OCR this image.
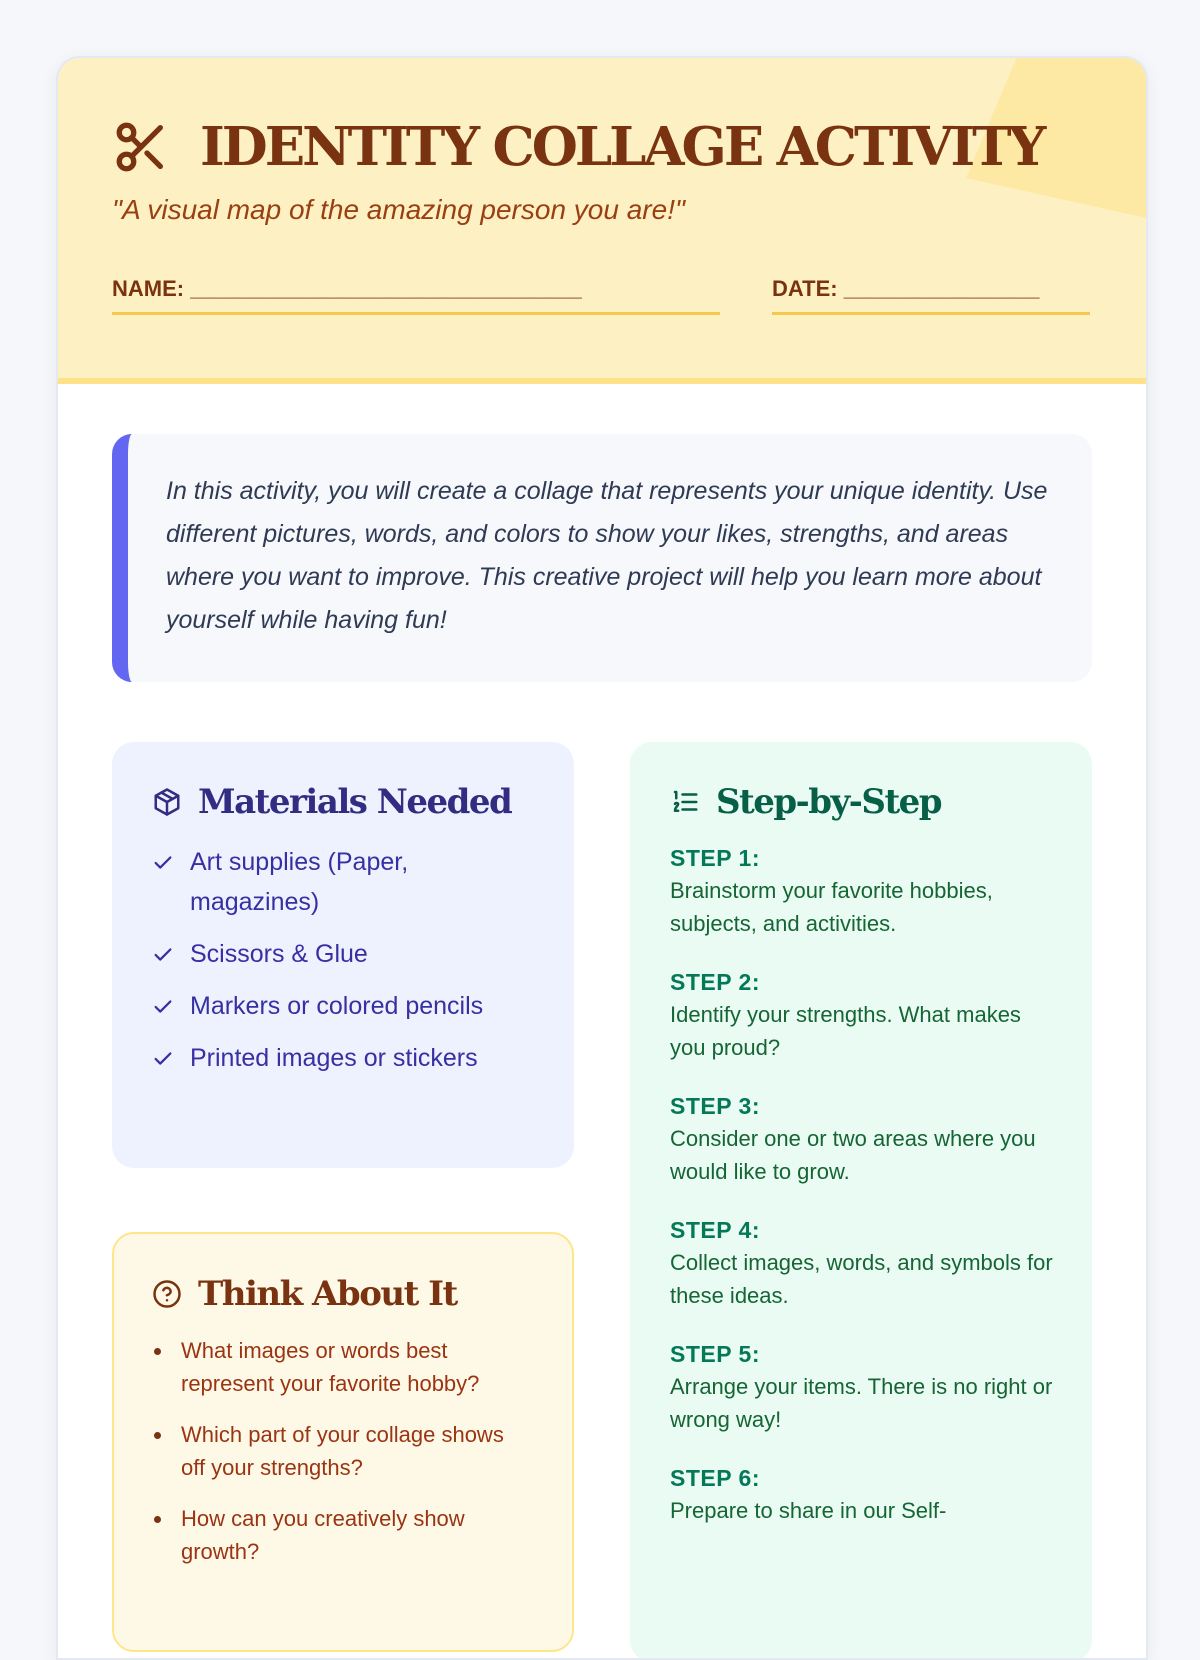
IDENTITY COLLAGE ACTIVITY
"A visual map of the amazing person you are!"
NAME: ________________________________	DATE: ________________
In this activity, you will create a collage that represents your unique identity. Use different pictures, words, and colors to show your likes, strengths, and areas where you want to improve. This creative project will help you learn more about yourself while having fun!
Materials Needed
Art supplies (Paper, magazines)
Scissors & Glue
Markers or colored pencils
Printed images or stickers
Think About It
What images or words best represent your favorite hobby?
Which part of your collage shows off your strengths?
How can you creatively show growth?
Step-by-Step
STEP 1:
Brainstorm your favorite hobbies, subjects, and activities.
STEP 2:
Identify your strengths. What makes you proud?
STEP 3:
Consider one or two areas where you would like to grow.
STEP 4:
Collect images, words, and symbols for these ideas.
STEP 5:
Arrange your items. There is no right or wrong way!
STEP 6:
Prepare to share in our Self-
